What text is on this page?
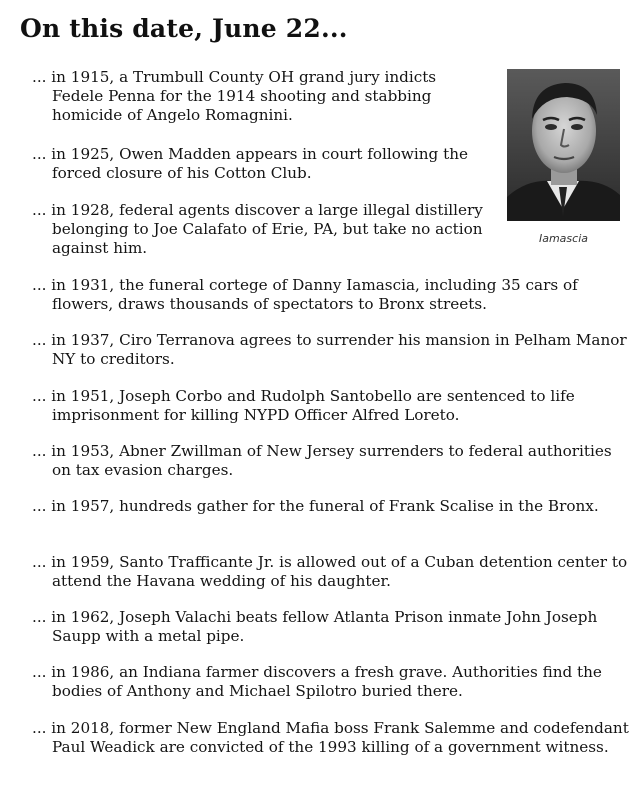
On this date, June 22...

... in 1915, a Trumbull County OH grand jury indicts Fedele Penna for the 1914 shooting and stabbing homicide of Angelo Romagnini.

... in 1925, Owen Madden appears in court following the forced closure of his Cotton Club.

... in 1928, federal agents discover a large illegal distillery belonging to Joe Calafato of Erie, PA, but take no action against him.

... in 1931, the funeral cortege of Danny Iamascia, including 35 cars of flowers, draws thousands of spectators to Bronx streets.

... in 1937, Ciro Terranova agrees to surrender his mansion in Pelham Manor NY to creditors.

... in 1951, Joseph Corbo and Rudolph Santobello are sentenced to life imprisonment for killing NYPD Officer Alfred Loreto.

... in 1953, Abner Zwillman of New Jersey surrenders to federal authorities on tax evasion charges.

... in 1957, hundreds gather for the funeral of Frank Scalise in the Bronx.

... in 1959, Santo Trafficante Jr. is allowed out of a Cuban detention center to attend the Havana wedding of his daughter.

... in 1962, Joseph Valachi beats fellow Atlanta Prison inmate John Joseph Saupp with a metal pipe.

... in 1986, an Indiana farmer discovers a fresh grave. Authorities find the bodies of Anthony and Michael Spilotro buried there.

... in 2018, former New England Mafia boss Frank Salemme and codefendant Paul Weadick are convicted of the 1993 killing of a government witness.

Iamascia
